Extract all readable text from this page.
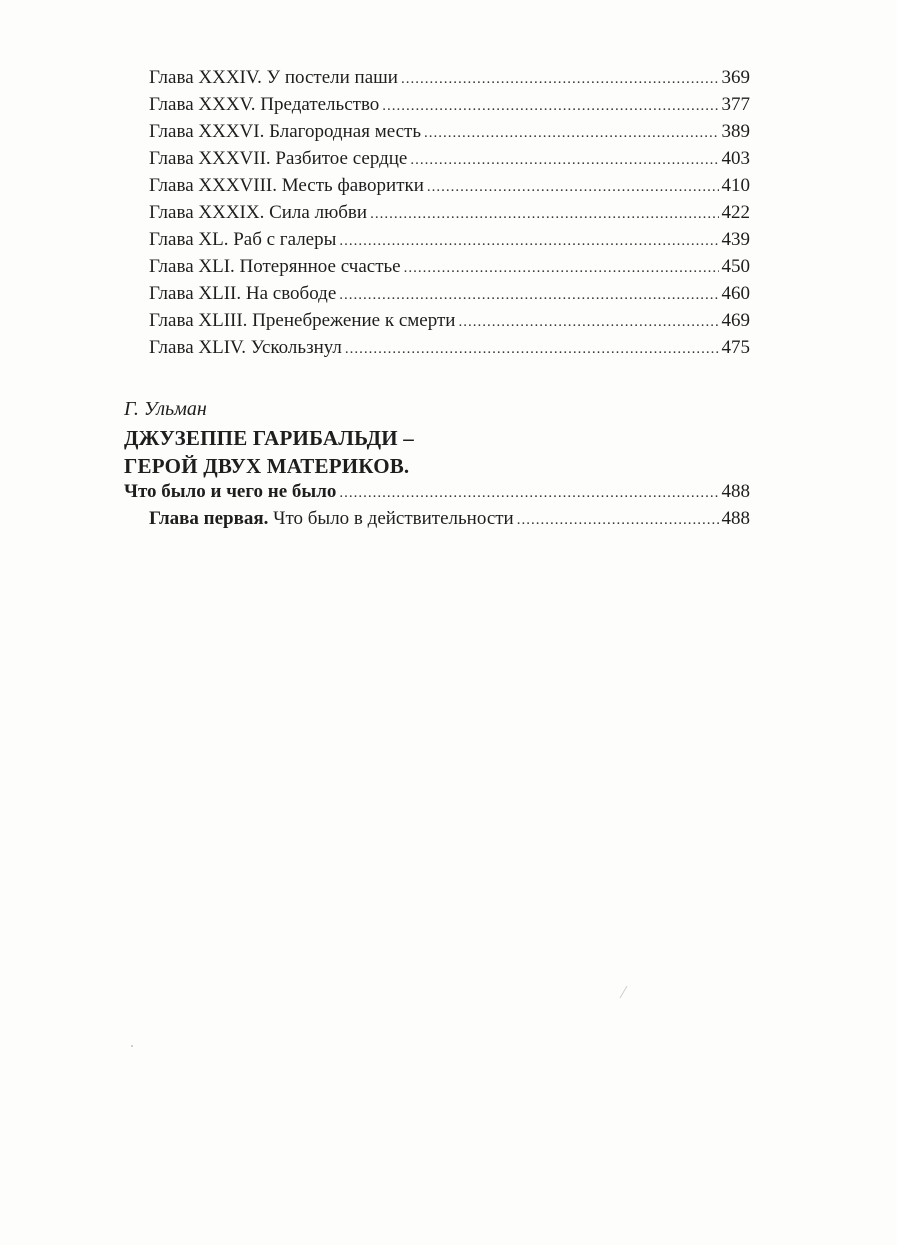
Глава XXXIV. У постели паши .....	369
Глава XXXV. Предательство .....	377
Глава XXXVI. Благородная месть .....	389
Глава XXXVII. Разбитое сердце .....	403
Глава XXXVIII. Месть фаворитки .....	410
Глава XXXIX. Сила любви .....	422
Глава XL. Раб с галеры .....	439
Глава XLI. Потерянное счастье .....	450
Глава XLII. На свободе .....	460
Глава XLIII. Пренебрежение к смерти .....	469
Глава XLIV. Ускользнул .....	475
Г. Ульман
ДЖУЗЕППЕ ГАРИБАЛЬДИ –
ГЕРОЙ ДВУХ МАТЕРИКОВ.
Что было и чего не было .....	488
Глава первая. Что было в действительности .....	488
